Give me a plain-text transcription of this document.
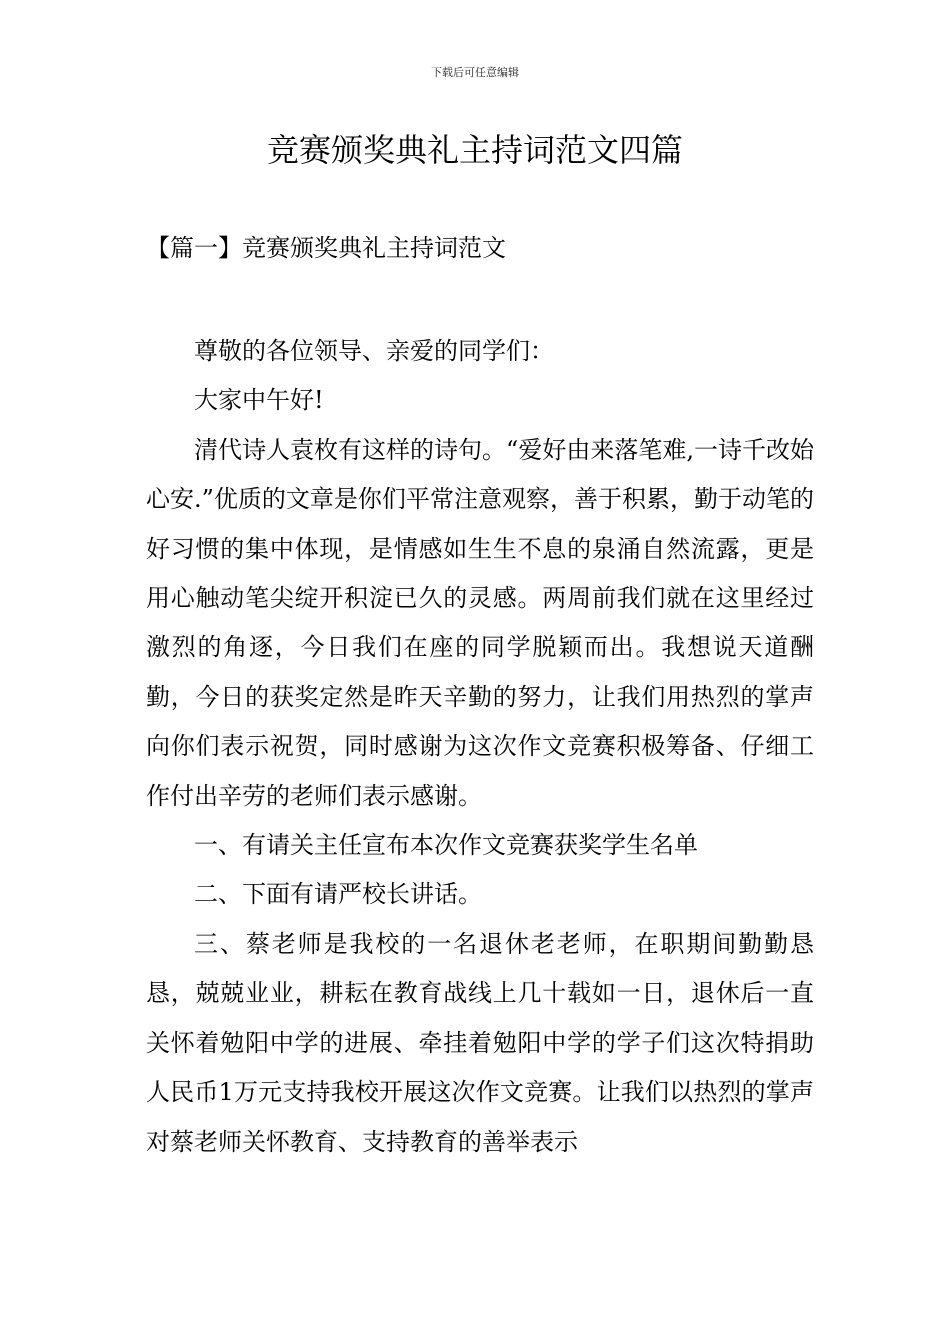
下载后可任意编辑
竞赛颁奖典礼主持词范文四篇
【篇一】竞赛颁奖典礼主持词范文

尊敬的各位领导、亲爱的同学们：

大家中午好!

清代诗人袁枚有这样的诗句。“爱好由来落笔难,一诗千改始心安.”优质的文章是你们平常注意观察，善于积累，勤于动笔的好习惯的集中体现，是情感如生生不息的泉涌自然流露，更是用心触动笔尖绽开积淀已久的灵感。两周前我们就在这里经过激烈的角逐，今日我们在座的同学脱颖而出。我想说天道酬勤，今日的获奖定然是昨天辛勤的努力，让我们用热烈的掌声向你们表示祝贺，同时感谢为这次作文竞赛积极筹备、仔细工作付出辛劳的老师们表示感谢。

一、有请关主任宣布本次作文竞赛获奖学生名单

二、下面有请严校长讲话。

三、蔡老师是我校的一名退休老老师，在职期间勤勤恳恳，兢兢业业，耕耘在教育战线上几十载如一日，退休后一直关怀着勉阳中学的进展、牵挂着勉阳中学的学子们这次特捐助人民币1万元支持我校开展这次作文竞赛。让我们以热烈的掌声对蔡老师关怀教育、支持教育的善举表示
